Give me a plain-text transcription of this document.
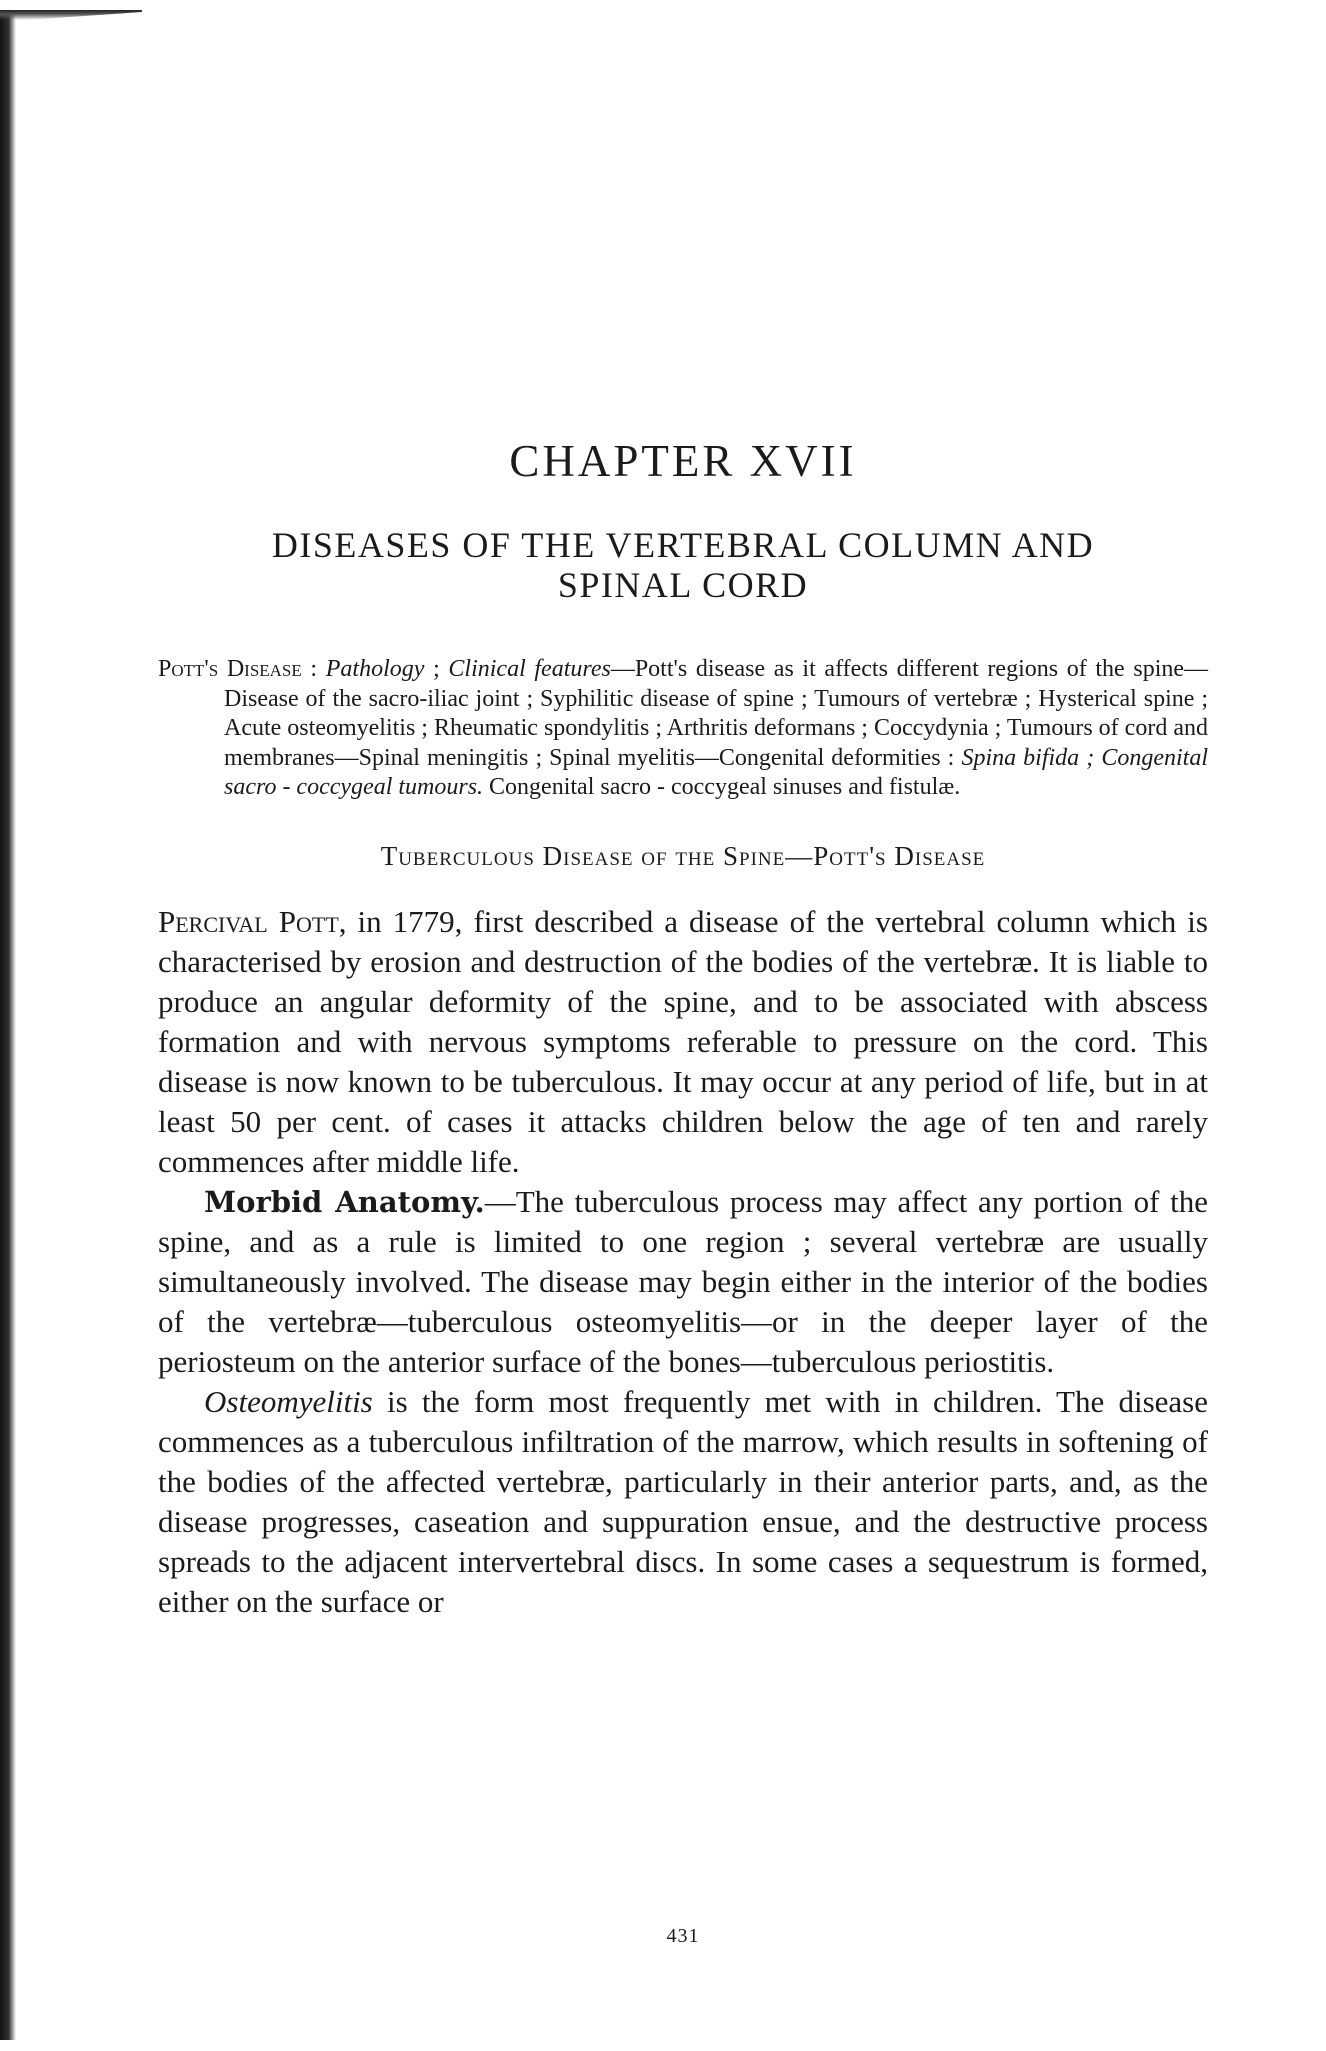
CHAPTER XVII
DISEASES OF THE VERTEBRAL COLUMN AND
SPINAL CORD

Pott's Disease : Pathology ; Clinical features—Pott's disease as it affects different regions of the spine—Disease of the sacro-iliac joint ; Syphilitic disease of spine ; Tumours of vertebræ ; Hysterical spine ; Acute osteomyelitis ; Rheumatic spondylitis ; Arthritis deformans ; Coccydynia ; Tumours of cord and membranes—Spinal meningitis ; Spinal myelitis—Congenital deformities : Spina bifida ; Congenital sacro - coccygeal tumours. Congenital sacro - coccygeal sinuses and fistulæ.

Tuberculous Disease of the Spine—Pott's Disease

Percival Pott, in 1779, first described a disease of the vertebral column which is characterised by erosion and destruction of the bodies of the vertebræ. It is liable to produce an angular deformity of the spine, and to be associated with abscess formation and with nervous symptoms referable to pressure on the cord. This disease is now known to be tuberculous. It may occur at any period of life, but in at least 50 per cent. of cases it attacks children below the age of ten and rarely commences after middle life.

Morbid Anatomy.—The tuberculous process may affect any portion of the spine, and as a rule is limited to one region ; several vertebræ are usually simultaneously involved. The disease may begin either in the interior of the bodies of the vertebræ—tuberculous osteomyelitis—or in the deeper layer of the periosteum on the anterior surface of the bones—tuberculous periostitis.

Osteomyelitis is the form most frequently met with in children. The disease commences as a tuberculous infiltration of the marrow, which results in softening of the bodies of the affected vertebræ, particularly in their anterior parts, and, as the disease progresses, caseation and suppuration ensue, and the destructive process spreads to the adjacent intervertebral discs. In some cases a sequestrum is formed, either on the surface or

431
